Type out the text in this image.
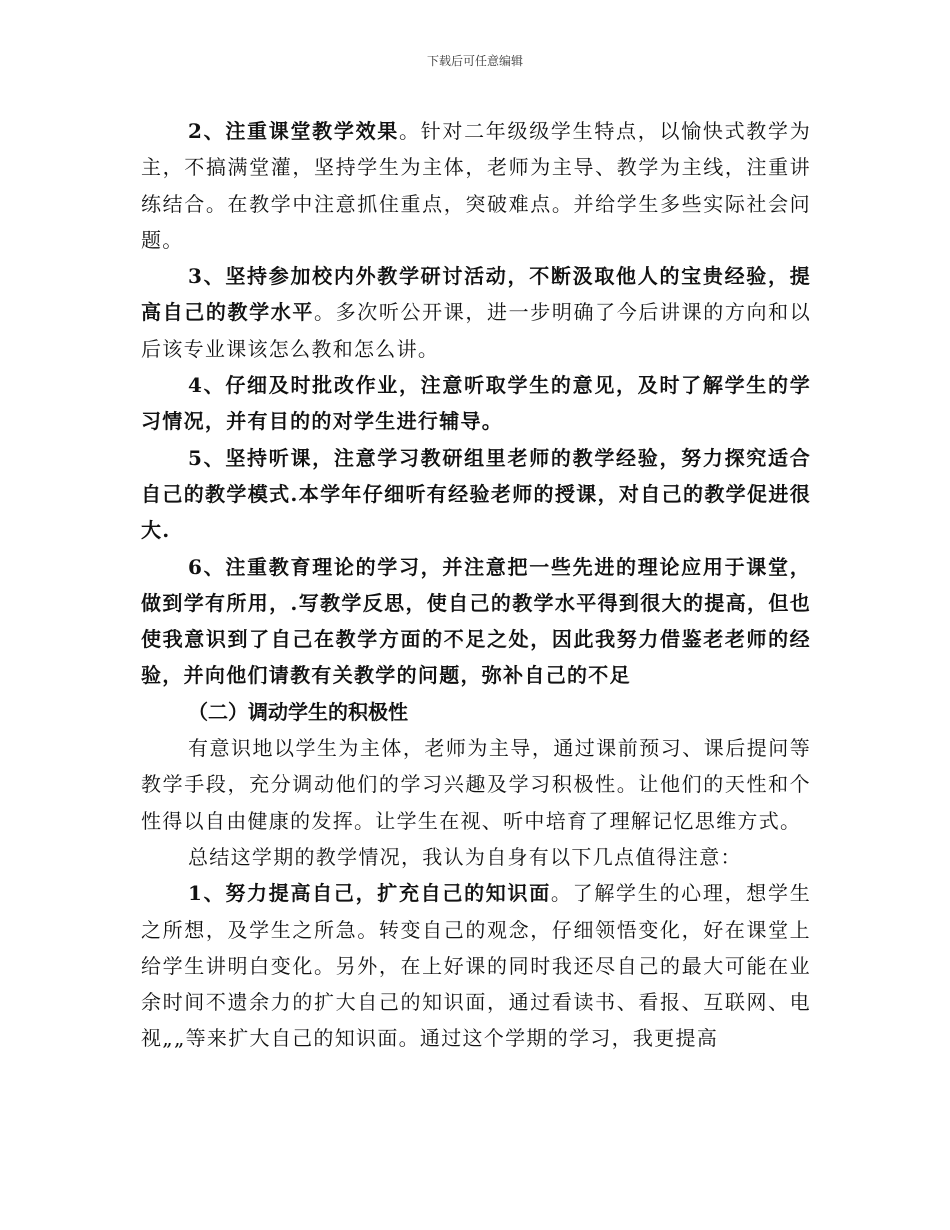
下载后可任意编辑

2、注重课堂教学效果。针对二年级级学生特点，以愉快式教学为主，不搞满堂灌，坚持学生为主体，老师为主导、教学为主线，注重讲练结合。在教学中注意抓住重点，突破难点。并给学生多些实际社会问题。

3、坚持参加校内外教学研讨活动，不断汲取他人的宝贵经验，提高自己的教学水平。多次听公开课，进一步明确了今后讲课的方向和以后该专业课该怎么教和怎么讲。

4、仔细及时批改作业，注意听取学生的意见，及时了解学生的学习情况，并有目的的对学生进行辅导。

5、坚持听课，注意学习教研组里老师的教学经验，努力探究适合自己的教学模式.本学年仔细听有经验老师的授课，对自己的教学促进很大.

6、注重教育理论的学习，并注意把一些先进的理论应用于课堂，做到学有所用，.写教学反思，使自己的教学水平得到很大的提高，但也使我意识到了自己在教学方面的不足之处，因此我努力借鉴老老师的经验，并向他们请教有关教学的问题，弥补自己的不足

（二）调动学生的积极性

有意识地以学生为主体，老师为主导，通过课前预习、课后提问等教学手段，充分调动他们的学习兴趣及学习积极性。让他们的天性和个性得以自由健康的发挥。让学生在视、听中培育了理解记忆思维方式。

总结这学期的教学情况，我认为自身有以下几点值得注意：

1、努力提高自己，扩充自己的知识面。了解学生的心理，想学生之所想，及学生之所急。转变自己的观念，仔细领悟变化，好在课堂上给学生讲明白变化。另外，在上好课的同时我还尽自己的最大可能在业余时间不遗余力的扩大自己的知识面，通过看读书、看报、互联网、电视„„等来扩大自己的知识面。通过这个学期的学习，我更提高
